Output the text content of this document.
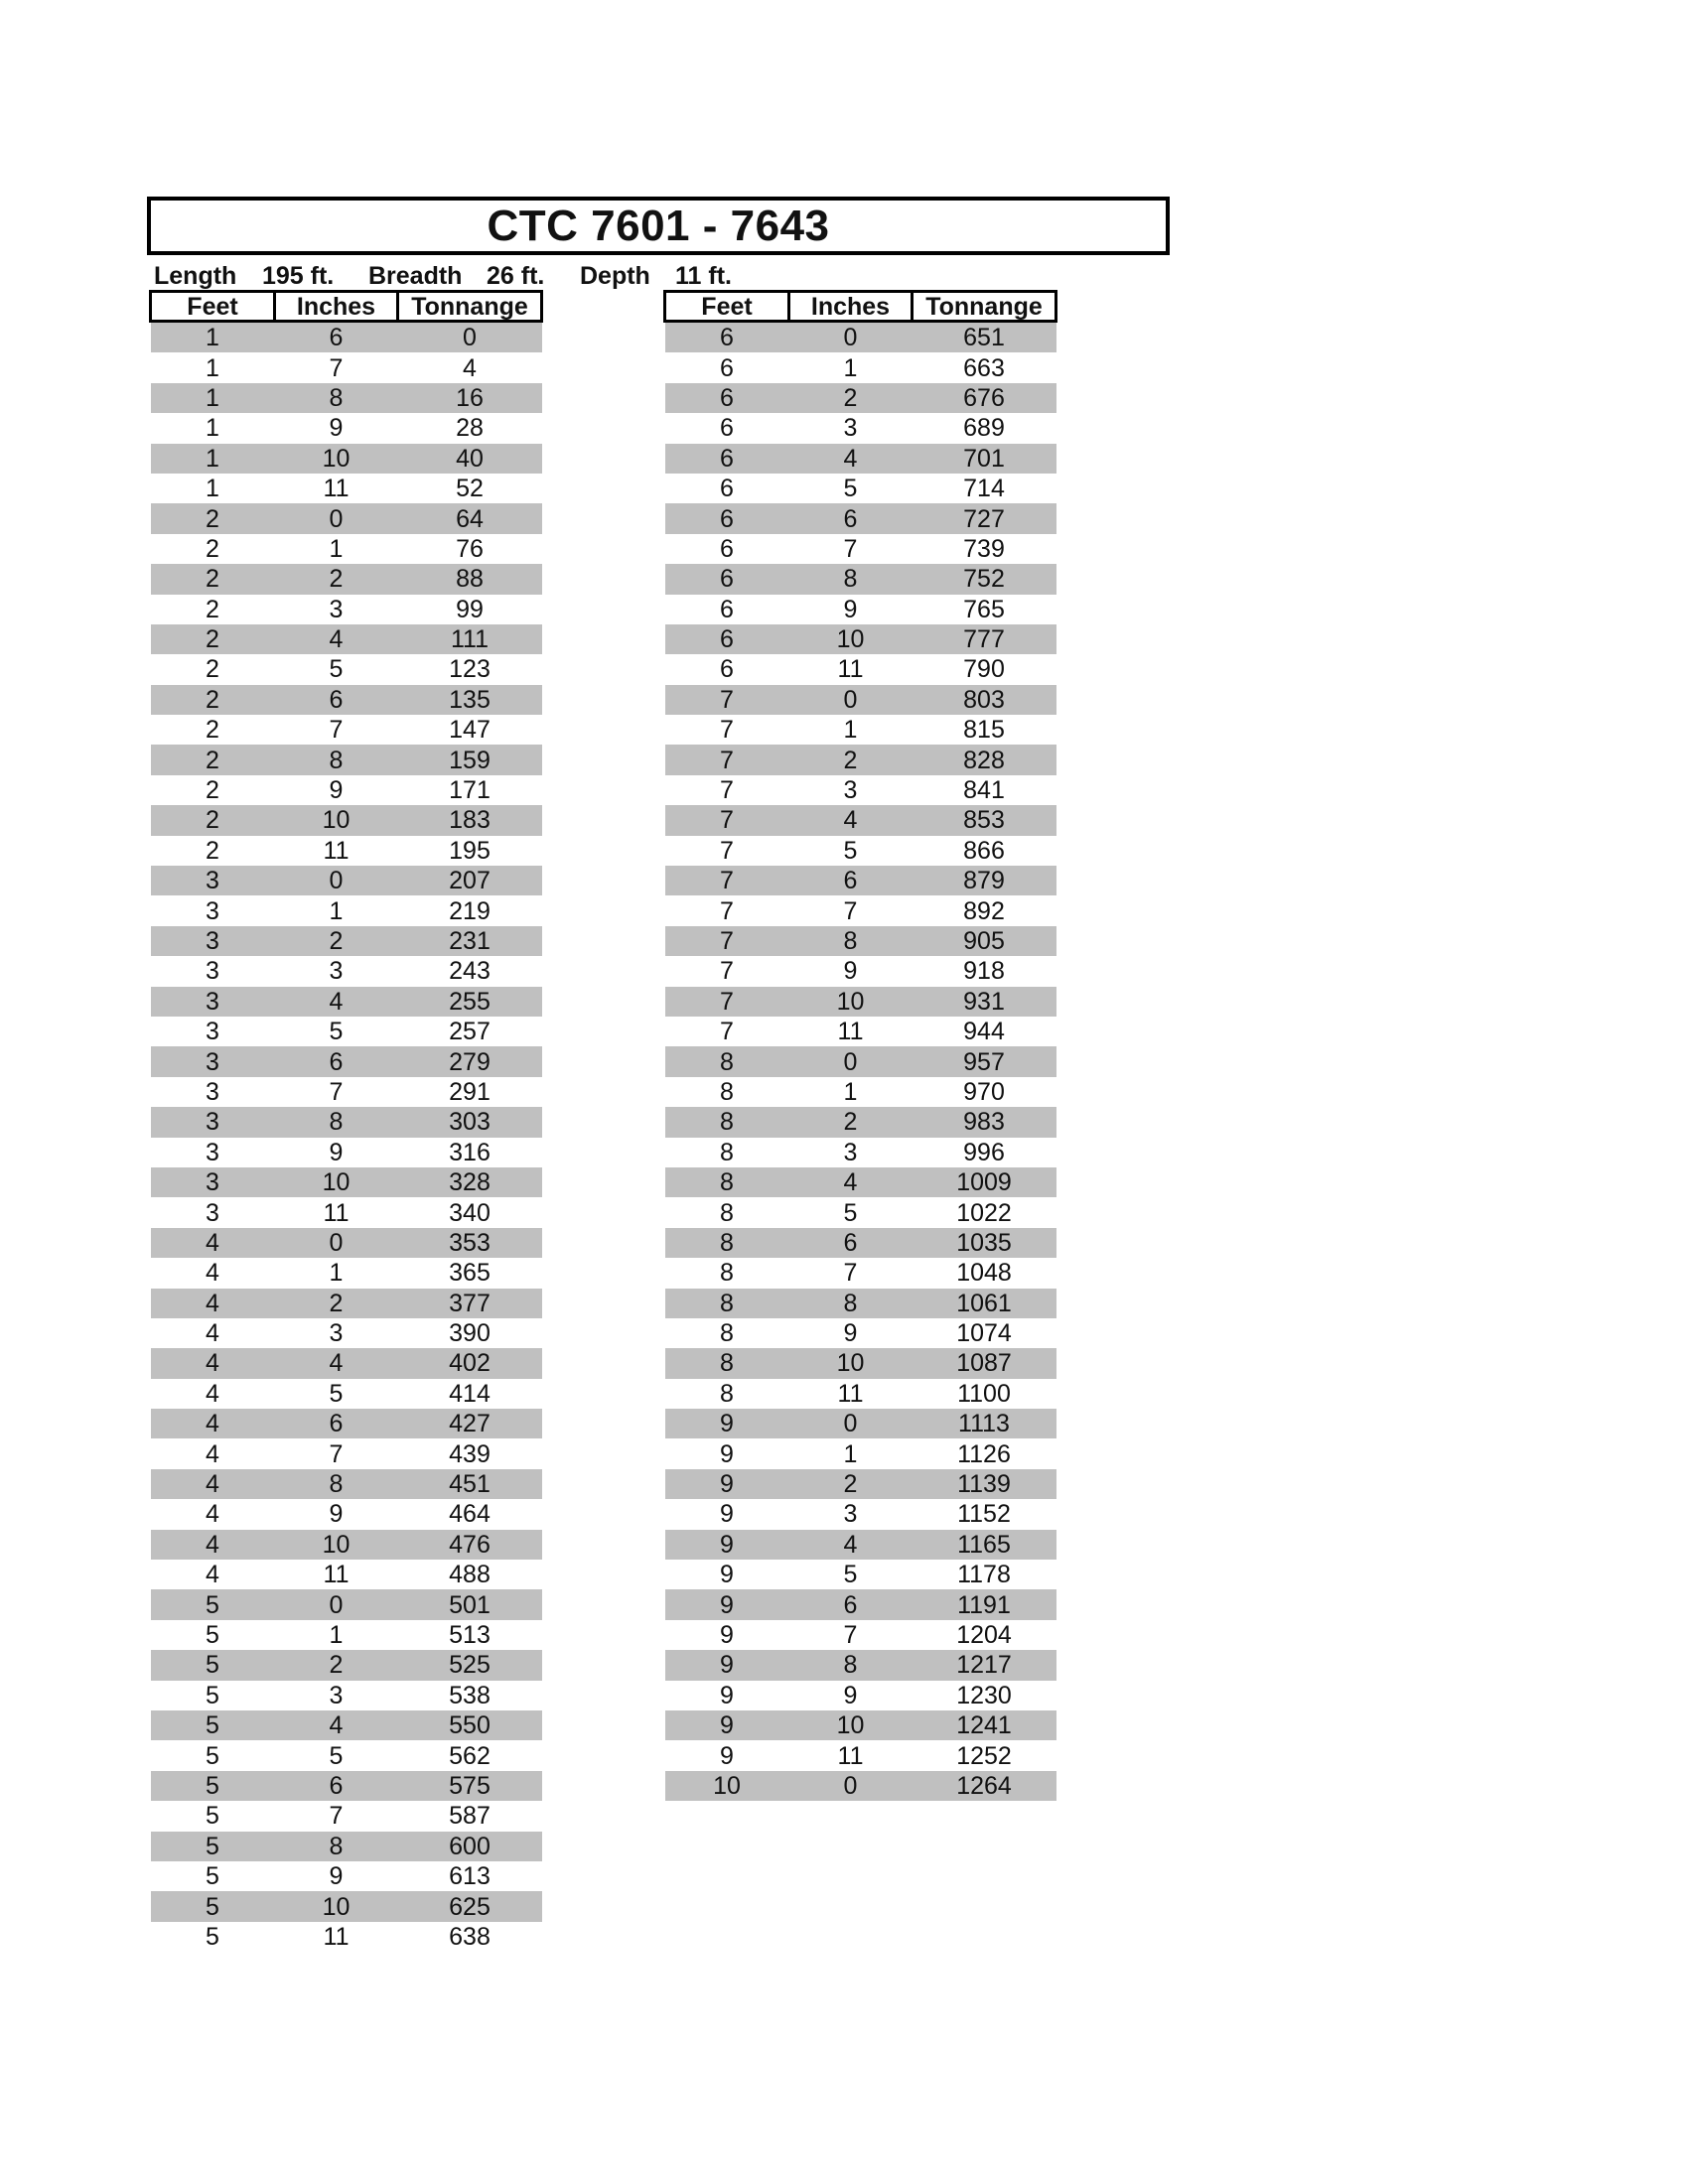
CTC 7601 - 7643
Length 195 ft. Breadth 26 ft. Depth 11 ft.
Feet	Inches	Tonnange
1	6	0
1	7	4
1	8	16
1	9	28
1	10	40
1	11	52
2	0	64
2	1	76
2	2	88
2	3	99
2	4	111
2	5	123
2	6	135
2	7	147
2	8	159
2	9	171
2	10	183
2	11	195
3	0	207
3	1	219
3	2	231
3	3	243
3	4	255
3	5	257
3	6	279
3	7	291
3	8	303
3	9	316
3	10	328
3	11	340
4	0	353
4	1	365
4	2	377
4	3	390
4	4	402
4	5	414
4	6	427
4	7	439
4	8	451
4	9	464
4	10	476
4	11	488
5	0	501
5	1	513
5	2	525
5	3	538
5	4	550
5	5	562
5	6	575
5	7	587
5	8	600
5	9	613
5	10	625
5	11	638
Feet	Inches	Tonnange
6	0	651
6	1	663
6	2	676
6	3	689
6	4	701
6	5	714
6	6	727
6	7	739
6	8	752
6	9	765
6	10	777
6	11	790
7	0	803
7	1	815
7	2	828
7	3	841
7	4	853
7	5	866
7	6	879
7	7	892
7	8	905
7	9	918
7	10	931
7	11	944
8	0	957
8	1	970
8	2	983
8	3	996
8	4	1009
8	5	1022
8	6	1035
8	7	1048
8	8	1061
8	9	1074
8	10	1087
8	11	1100
9	0	1113
9	1	1126
9	2	1139
9	3	1152
9	4	1165
9	5	1178
9	6	1191
9	7	1204
9	8	1217
9	9	1230
9	10	1241
9	11	1252
10	0	1264
